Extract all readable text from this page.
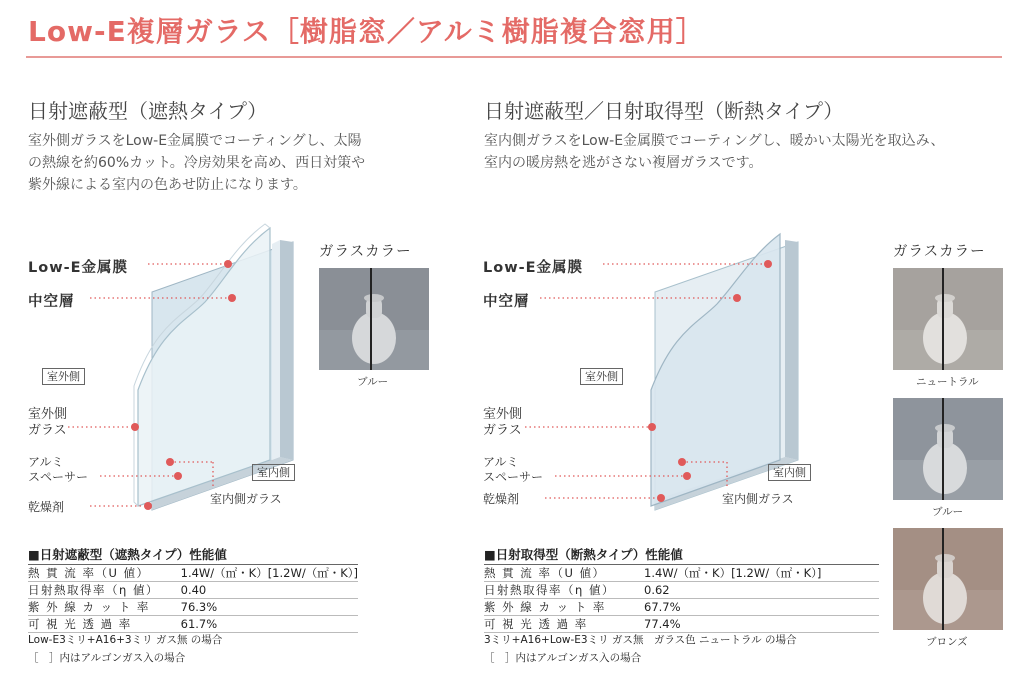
Low-E複層ガラス［樹脂窓／アルミ樹脂複合窓用］
日射遮蔽型（遮熱タイプ）
室外側ガラスをLow-E金属膜でコーティングし、太陽
の熱線を約60%カット。冷房効果を高め、西日対策や
紫外線による室内の色あせ防止になります。
Low-E金属膜
中空層
室外側
室外側
ガラス
アルミ
スペーサー
乾燥剤
室内側
室内側ガラス
ガラスカラー
ブルー
■日射遮蔽型（遮熱タイプ）性能値
熱 貫 流 率（U 値）	1.4W/（㎡・K）[1.2W/（㎡・K）]
日射熱取得率（η 値）	0.40
紫 外 線 カ ッ ト 率	76.3%
可 視 光 透 過 率	61.7%
Low-E3ミリ+A16+3ミリ ガス無 の場合
［　］内はアルゴンガス入の場合
日射遮蔽型／日射取得型（断熱タイプ）
室内側ガラスをLow-E金属膜でコーティングし、暖かい太陽光を取込み、
室内の暖房熱を逃がさない複層ガラスです。
Low-E金属膜
中空層
室外側
室外側
ガラス
アルミ
スペーサー
乾燥剤
室内側
室内側ガラス
ガラスカラー
ニュートラル
ブルー
ブロンズ
■日射取得型（断熱タイプ）性能値
熱 貫 流 率（U 値）	1.4W/（㎡・K）[1.2W/（㎡・K）]
日射熱取得率（η 値）	0.62
紫 外 線 カ ッ ト 率	67.7%
可 視 光 透 過 率	77.4%
3ミリ+A16+Low-E3ミリ ガス無　ガラス色 ニュートラル の場合
［　］内はアルゴンガス入の場合
